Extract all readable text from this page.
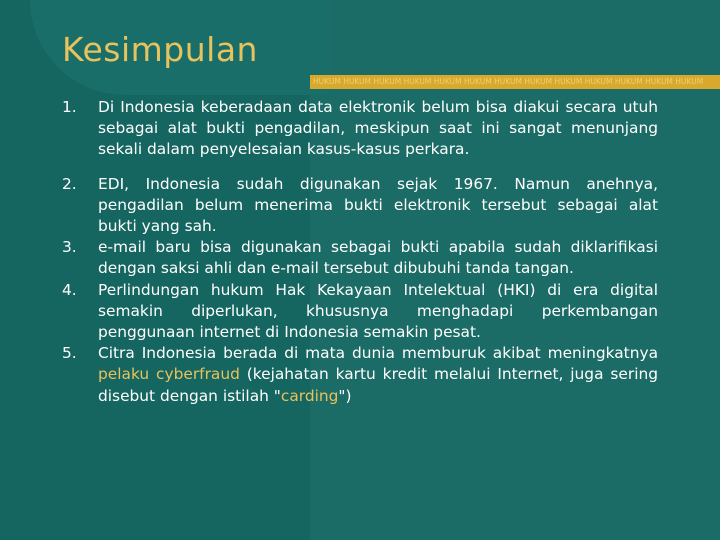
Kesimpulan
HUKUM HUKUM HUKUM HUKUM HUKUM HUKUM HUKUM HUKUM HUKUM HUKUM HUKUM HUKUM HUKUM
1.	Di Indonesia keberadaan data elektronik belum bisa diakui secara utuh sebagai alat bukti pengadilan, meskipun saat ini sangat menunjang sekali dalam penyelesaian kasus-kasus perkara.
2.	EDI, Indonesia sudah digunakan sejak 1967. Namun anehnya, pengadilan belum menerima bukti elektronik tersebut sebagai alat bukti yang sah.
3.	e-mail baru bisa digunakan sebagai bukti apabila sudah diklarifikasi dengan saksi ahli dan e-mail tersebut dibubuhi tanda tangan.
4.	Perlindungan hukum Hak Kekayaan Intelektual (HKI) di era digital semakin diperlukan, khususnya menghadapi perkembangan penggunaan internet di Indonesia semakin pesat.
5.	Citra Indonesia berada di mata dunia memburuk akibat meningkatnya pelaku cyberfraud (kejahatan kartu kredit melalui Internet, juga sering disebut dengan istilah "carding")
